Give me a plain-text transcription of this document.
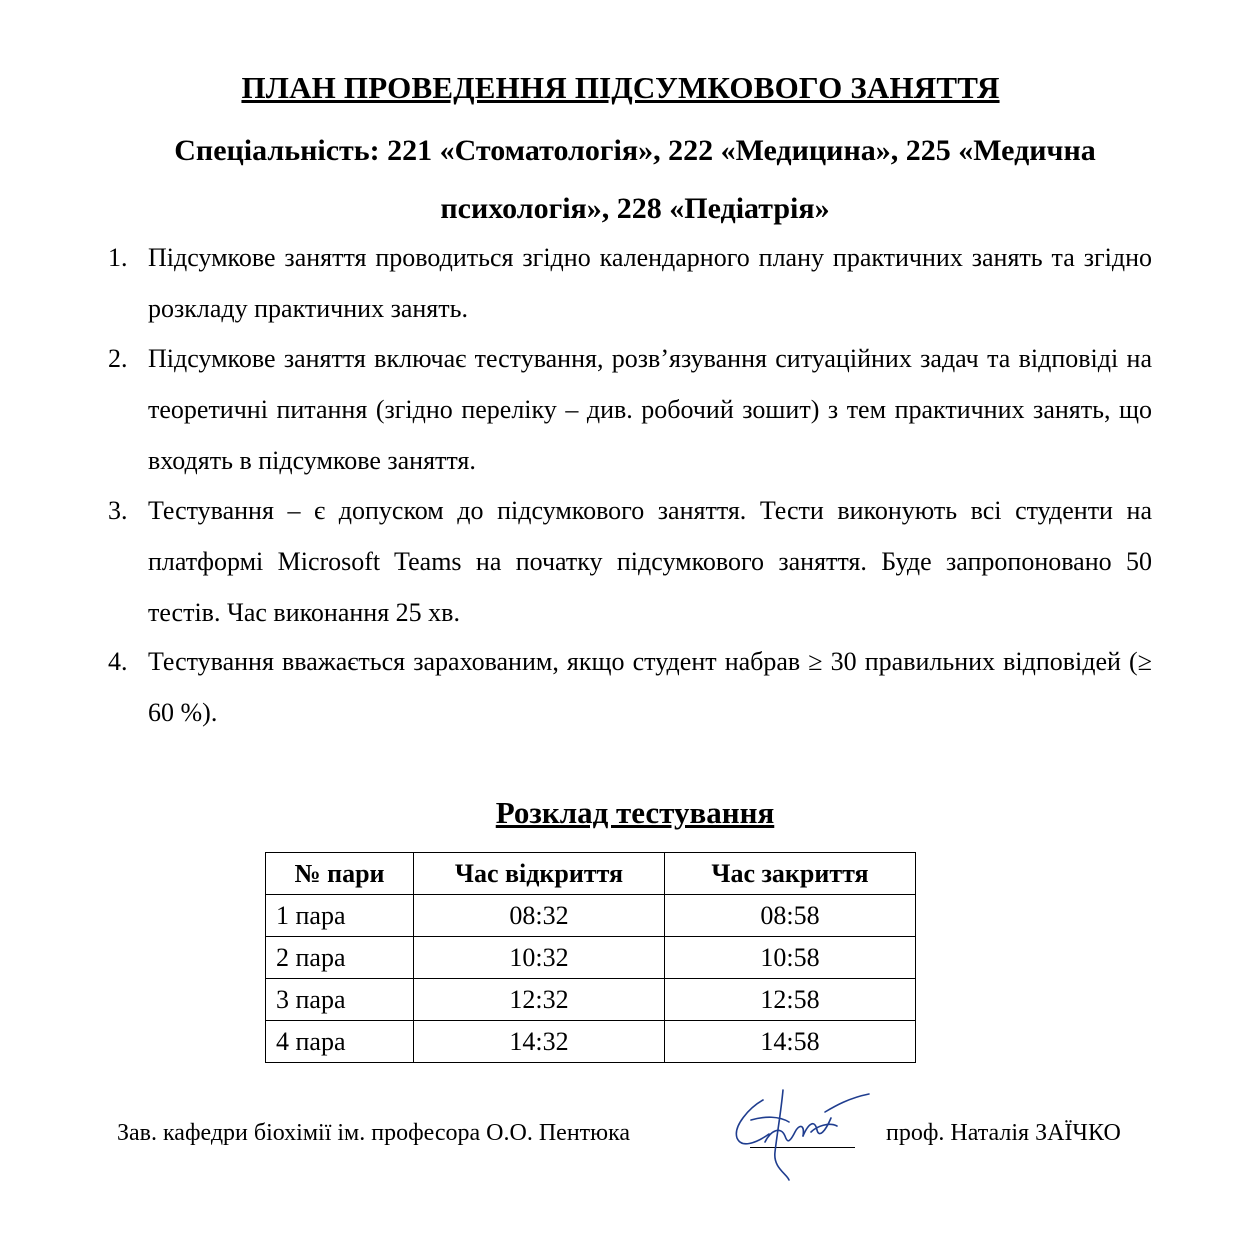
ПЛАН ПРОВЕДЕННЯ ПІДСУМКОВОГО ЗАНЯТТЯ
Спеціальність: 221 «Стоматологія», 222 «Медицина», 225 «Медична психологія», 228 «Педіатрія»
1. Підсумкове заняття проводиться згідно календарного плану практичних занять та згідно розкладу практичних занять.
2. Підсумкове заняття включає тестування, розв’язування ситуаційних задач та відповіді на теоретичні питання (згідно переліку – див. робочий зошит) з тем практичних занять, що входять в підсумкове заняття.
3. Тестування – є допуском до підсумкового заняття. Тести виконують всі студенти на платформі Microsoft Teams на початку підсумкового заняття. Буде запропоновано 50 тестів. Час виконання 25 хв.
4. Тестування вважається зарахованим, якщо студент набрав ≥ 30 правильних відповідей (≥ 60 %).
Розклад тестування
№ пари	Час відкриття	Час закриття
1 пара	08:32	08:58
2 пара	10:32	10:58
3 пара	12:32	12:58
4 пара	14:32	14:58
Зав. кафедри біохімії ім. професора О.О. Пентюка	проф. Наталія ЗАЇЧКО
